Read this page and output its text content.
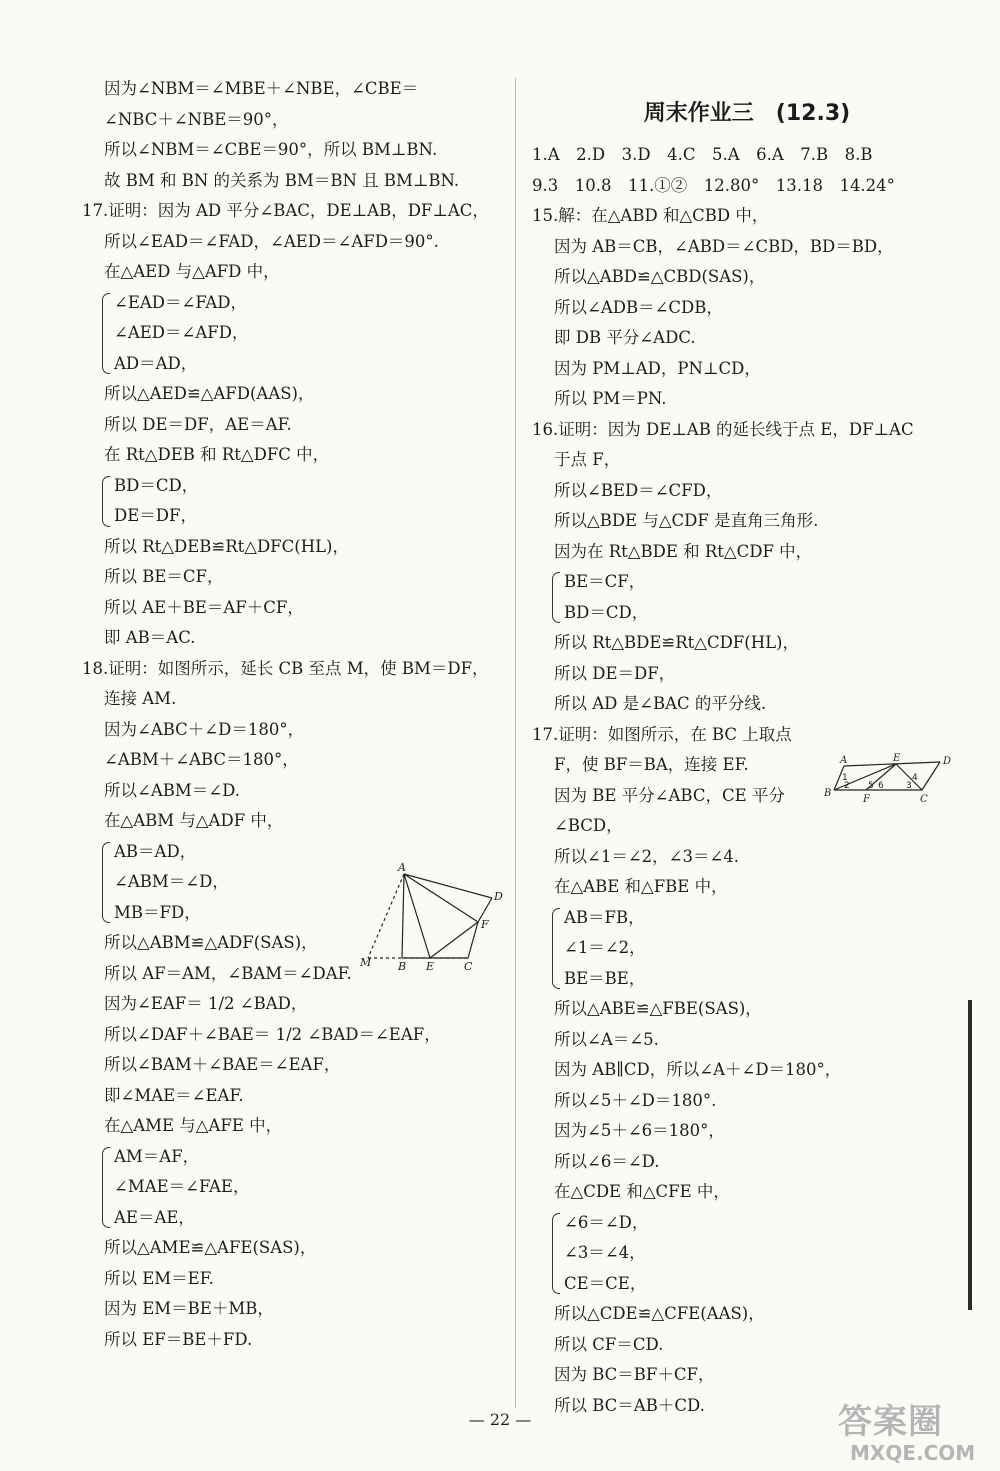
因为∠NBM＝∠MBE＋∠NBE，∠CBE＝
∠NBC＋∠NBE＝90°，
所以∠NBM＝∠CBE＝90°，所以 BM⊥BN.
故 BM 和 BN 的关系为 BM＝BN 且 BM⊥BN.
17.证明：因为 AD 平分∠BAC，DE⊥AB，DF⊥AC，
所以∠EAD＝∠FAD，∠AED＝∠AFD＝90°.
在△AED 与△AFD 中，
∠EAD＝∠FAD，
∠AED＝∠AFD，
AD＝AD，
所以△AED≌△AFD(AAS)，
所以 DE＝DF，AE＝AF.
在 Rt△DEB 和 Rt△DFC 中，
BD＝CD，
DE＝DF，
所以 Rt△DEB≌Rt△DFC(HL)，
所以 BE＝CF，
所以 AE＋BE＝AF＋CF，
即 AB＝AC.
18.证明：如图所示，延长 CB 至点 M，使 BM＝DF，
连接 AM.
因为∠ABC＋∠D＝180°，
∠ABM＋∠ABC＝180°，
所以∠ABM＝∠D.
在△ABM 与△ADF 中，
AB＝AD，
∠ABM＝∠D，
MB＝FD，
所以△ABM≌△ADF(SAS)，
所以 AF＝AM，∠BAM＝∠DAF.
因为∠EAF＝ 1/2 ∠BAD，
所以∠DAF＋∠BAE＝ 1/2 ∠BAD＝∠EAF，
所以∠BAM＋∠BAE＝∠EAF，
即∠MAE＝∠EAF.
在△AME 与△AFE 中，
AM＝AF，
∠MAE＝∠FAE，
AE＝AE，
所以△AME≌△AFE(SAS)，
所以 EM＝EF.
因为 EM＝BE＋MB，
所以 EF＝BE＋FD.
周末作业三　(12.3)
1.A　2.D　3.D　4.C　5.A　6.A　7.B　8.B
9.3　10.8　11.①②　12.80°　13.18　14.24°
15.解：在△ABD 和△CBD 中，
因为 AB＝CB，∠ABD＝∠CBD，BD＝BD，
所以△ABD≌△CBD(SAS)，
所以∠ADB＝∠CDB，
即 DB 平分∠ADC.
因为 PM⊥AD，PN⊥CD，
所以 PM＝PN.
16.证明：因为 DE⊥AB 的延长线于点 E，DF⊥AC
于点 F，
所以∠BED＝∠CFD，
所以△BDE 与△CDF 是直角三角形.
因为在 Rt△BDE 和 Rt△CDF 中，
BE＝CF，
BD＝CD，
所以 Rt△BDE≌Rt△CDF(HL)，
所以 DE＝DF，
所以 AD 是∠BAC 的平分线.
17.证明：如图所示，在 BC 上取点
F，使 BF＝BA，连接 EF.
因为 BE 平分∠ABC，CE 平分
∠BCD，
所以∠1＝∠2，∠3＝∠4.
在△ABE 和△FBE 中，
AB＝FB，
∠1＝∠2，
BE＝BE，
所以△ABE≌△FBE(SAS)，
所以∠A＝∠5.
因为 AB∥CD，所以∠A＋∠D＝180°，
所以∠5＋∠D＝180°.
因为∠5＋∠6＝180°，
所以∠6＝∠D.
在△CDE 和△CFE 中，
∠6＝∠D，
∠3＝∠4，
CE＝CE，
所以△CDE≌△CFE(AAS)，
所以 CF＝CD.
因为 BC＝BF＋CF，
所以 BC＝AB＋CD.
A
D
F
M B E	C
A	E	D
B
F	C
1
2 5 6 3
4
— 22 —	答案圈
MXQE.COM
